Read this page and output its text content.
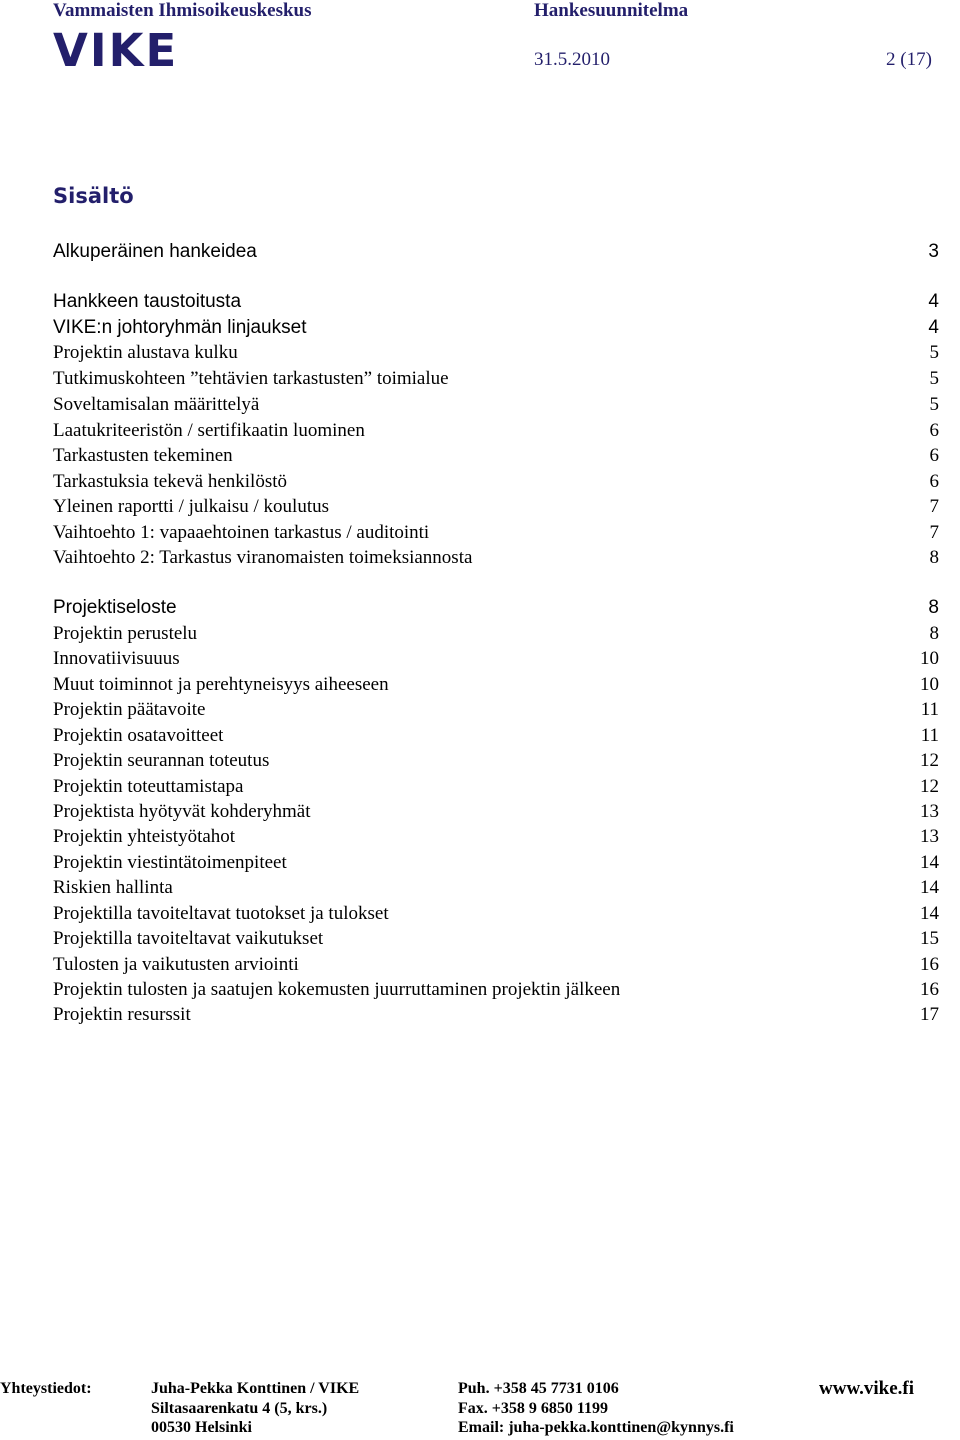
Vammaisten Ihmisoikeuskeskus	Hankesuunnitelma
VIKE	31.5.2010	2 (17)
Sisältö
Alkuperäinen hankeidea	3
Hankkeen taustoitusta	4
VIKE:n johtoryhmän linjaukset	4
Projektin alustava kulku	5
Tutkimuskohteen ”tehtävien tarkastusten” toimialue	5
Soveltamisalan määrittelyä	5
Laatukriteeristön / sertifikaatin luominen	6
Tarkastusten tekeminen	6
Tarkastuksia tekevä henkilöstö	6
Yleinen raportti / julkaisu / koulutus	7
Vaihtoehto 1: vapaaehtoinen tarkastus / auditointi	7
Vaihtoehto 2: Tarkastus viranomaisten toimeksiannosta	8
Projektiseloste	8
Projektin perustelu	8
Innovatiivisuuus	10
Muut toiminnot ja perehtyneisyys aiheeseen	10
Projektin päätavoite	11
Projektin osatavoitteet	11
Projektin seurannan toteutus	12
Projektin toteuttamistapa	12
Projektista hyötyvät kohderyhmät	13
Projektin yhteistyötahot	13
Projektin viestintätoimenpiteet	14
Riskien hallinta	14
Projektilla tavoiteltavat tuotokset ja tulokset	14
Projektilla tavoiteltavat vaikutukset	15
Tulosten ja vaikutusten arviointi	16
Projektin tulosten ja saatujen kokemusten juurruttaminen projektin jälkeen	16
Projektin resurssit	17
Yhteystiedot:	Juha-Pekka Konttinen / VIKE
Siltasaarenkatu 4 (5, krs.)
00530 Helsinki
Puh. +358 45 7731 0106
Fax. +358 9 6850 1199
Email: juha-pekka.konttinen@kynnys.fi
www.vike.fi
